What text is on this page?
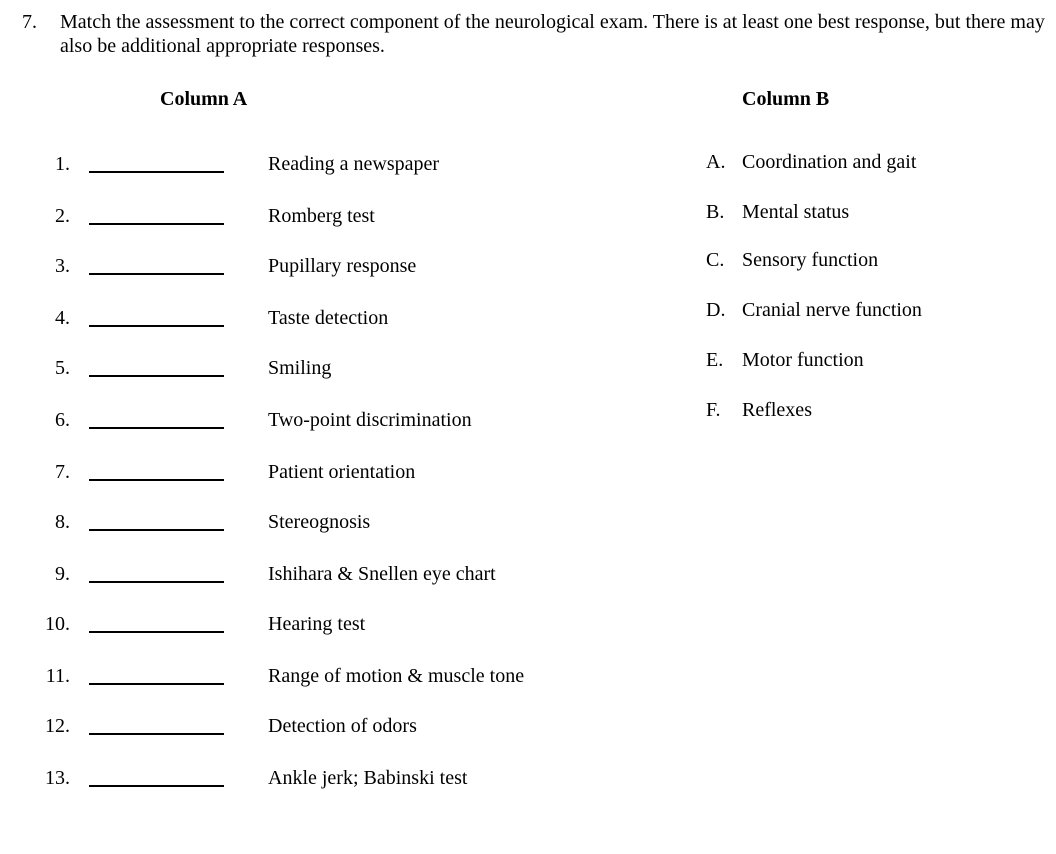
7. Match the assessment to the correct component of the neurological exam. There is at least one best response, but there may also be additional appropriate responses.
Column A	Column B
1.	Reading a newspaper
2.	Romberg test
3.	Pupillary response
4.	Taste detection
5.	Smiling
6.	Two-point discrimination
7.	Patient orientation
8.	Stereognosis
9.	Ishihara & Snellen eye chart
10.	Hearing test
11.	Range of motion & muscle tone
12.	Detection of odors
13.	Ankle jerk; Babinski test
A. Coordination and gait
B. Mental status
C. Sensory function
D. Cranial nerve function
E. Motor function
F. Reflexes
